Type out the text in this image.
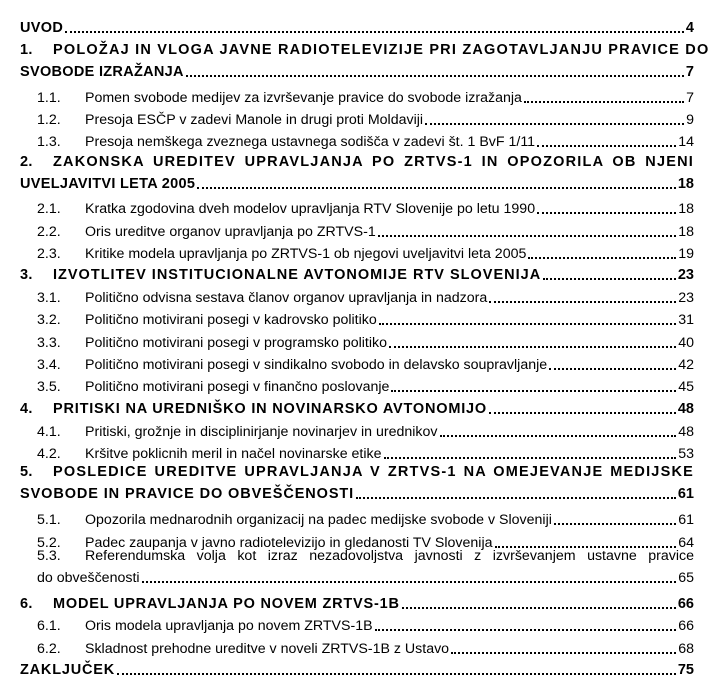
UVOD	4
1. POLOŽAJ IN VLOGA JAVNE RADIOTELEVIZIJE PRI ZAGOTAVLJANJU PRAVICE DO
SVOBODE IZRAŽANJA	7
1.1.	Pomen svobode medijev za izvrševanje pravice do svobode izražanja	7
1.2.	Presoja ESČP v zadevi Manole in drugi proti Moldaviji	9
1.3.	Presoja nemškega zveznega ustavnega sodišča v zadevi št. 1 BvF 1/11	14
2. ZAKONSKA UREDITEV UPRAVLJANJA PO ZRTVS-1 IN OPOZORILA OB NJENI
UVELJAVITVI LETA 2005	18
2.1.	Kratka zgodovina dveh modelov upravljanja RTV Slovenije po letu 1990	18
2.2.	Oris ureditve organov upravljanja po ZRTVS-1	18
2.3.	Kritike modela upravljanja po ZRTVS-1 ob njegovi uveljavitvi leta 2005	19
3.	IZVOTLITEV INSTITUCIONALNE AVTONOMIJE RTV SLOVENIJA	23
3.1.	Politično odvisna sestava članov organov upravljanja in nadzora	23
3.2.	Politično motivirani posegi v kadrovsko politiko	31
3.3.	Politično motivirani posegi v programsko politiko	40
3.4.	Politično motivirani posegi v sindikalno svobodo in delavsko soupravljanje	42
3.5.	Politično motivirani posegi v finančno poslovanje	45
4.	PRITISKI NA UREDNIŠKO IN NOVINARSKO AVTONOMIJO	48
4.1.	Pritiski, grožnje in disciplinirjanje novinarjev in urednikov	48
4.2.	Kršitve poklicnih meril in načel novinarske etike	53
5. POSLEDICE UREDITVE UPRAVLJANJA V ZRTVS-1 NA OMEJEVANJE MEDIJSKE
SVOBODE IN PRAVICE DO OBVEŠČENOSTI	61
5.1.	Opozorila mednarodnih organizacij na padec medijske svobode v Sloveniji	61
5.2.	Padec zaupanja v javno radiotelevizijo in gledanosti TV Slovenija	64
5.3. Referendumska volja kot izraz nezadovoljstva javnosti z izvrševanjem ustavne pravice
do obveščenosti	65
6.	MODEL UPRAVLJANJA PO NOVEM ZRTVS-1B	66
6.1.	Oris modela upravljanja po novem ZRTVS-1B	66
6.2.	Skladnost prehodne ureditve v noveli ZRTVS-1B z Ustavo	68
ZAKLJUČEK	75
